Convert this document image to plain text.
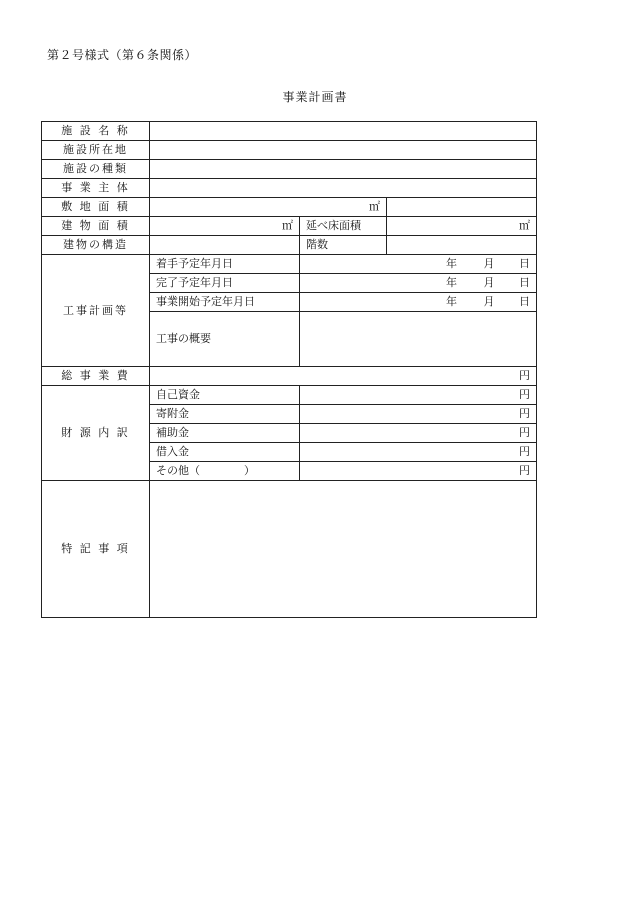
第２号様式（第６条関係）
事業計画書
施 設 名 称			
施設所在地			
施設の種類			
事 業 主 体			
敷 地 面 積	㎡		
建 物 面 積	㎡	延べ床面積	㎡
建物の構造		階数	
工事計画等	着手予定年月日	年 月 日	
	完了予定年月日	年 月 日	
	事業開始予定年月日	年 月 日	
	工事の概要		
総 事 業 費	円		
財 源 内 訳	自己資金	円	
	寄附金	円	
	補助金	円	
	借入金	円	
	その他（　　　　）	円	
特 記 事 項			
